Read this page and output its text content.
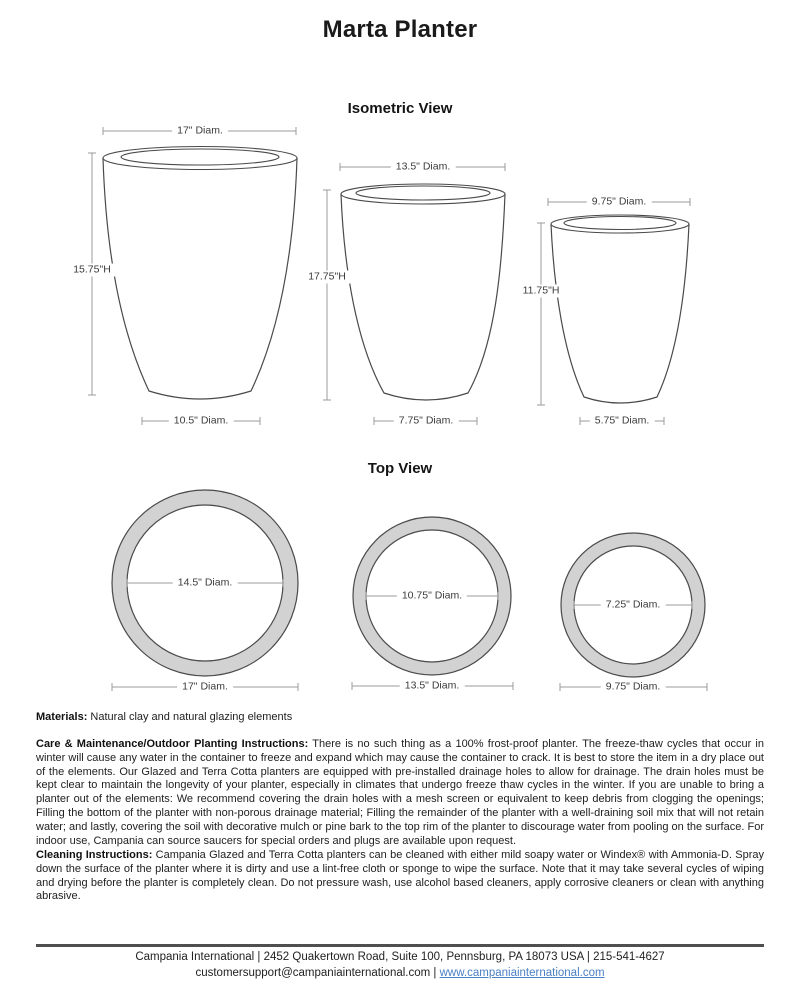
Marta Planter
Isometric View
Top View
17" Diam.
15.75"H
10.5" Diam.
13.5" Diam.
17.75"H
7.75" Diam.
9.75" Diam.
11.75"H
5.75" Diam.
14.5" Diam.
10.75" Diam.
7.25" Diam.
17" Diam.	13.5" Diam.	9.75" Diam.

Materials: Natural clay and natural glazing elements

Care & Maintenance/Outdoor Planting Instructions: There is no such thing as a 100% frost-proof planter. The freeze-thaw cycles that occur in winter will cause any water in the container to freeze and expand which may cause the container to crack. It is best to store the item in a dry place out of the elements. Our Glazed and Terra Cotta planters are equipped with pre-installed drainage holes to allow for drainage. The drain holes must be kept clear to maintain the longevity of your planter, especially in climates that undergo freeze thaw cycles in the winter. If you are unable to bring a planter out of the elements: We recommend covering the drain holes with a mesh screen or equivalent to keep debris from clogging the openings; Filling the bottom of the planter with non-porous drainage material; Filling the remainder of the planter with a well-draining soil mix that will not retain water; and lastly, covering the soil with decorative mulch or pine bark to the top rim of the planter to discourage water from pooling on the surface. For indoor use, Campania can source saucers for special orders and plugs are available upon request.

Cleaning Instructions: Campania Glazed and Terra Cotta planters can be cleaned with either mild soapy water or Windex® with Ammonia-D. Spray down the surface of the planter where it is dirty and use a lint-free cloth or sponge to wipe the surface. Note that it may take several cycles of wiping and drying before the planter is completely clean. Do not pressure wash, use alcohol based cleaners, apply corrosive cleaners or clean with anything abrasive.

Campania International | 2452 Quakertown Road, Suite 100, Pennsburg, PA 18073 USA | 215-541-4627

customersupport@campaniainternational.com | www.campaniainternational.com
